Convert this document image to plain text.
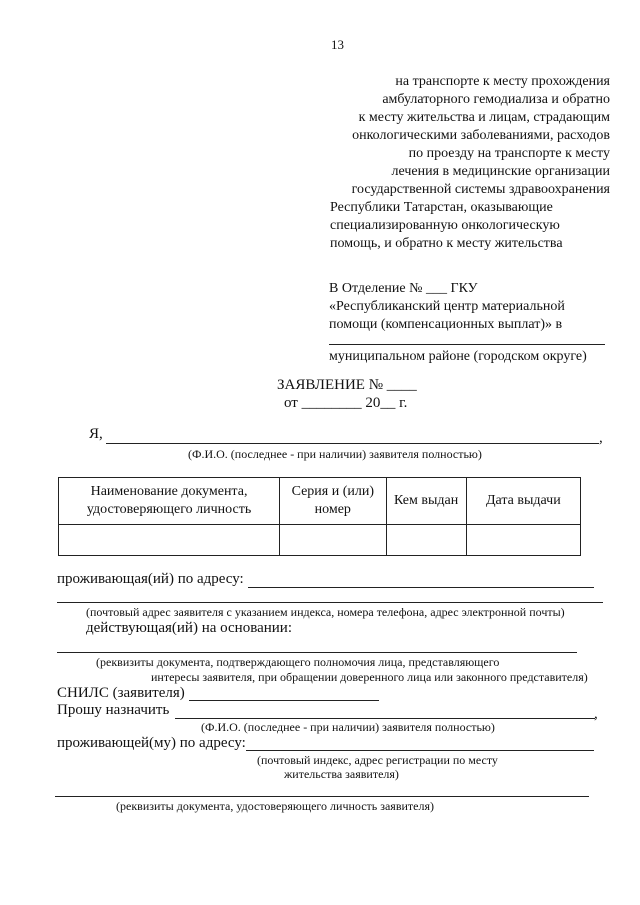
13
на транспорте к месту прохождения
амбулаторного гемодиализа и обратно
к месту жительства и лицам, страдающим
онкологическими заболеваниями, расходов
по проезду на транспорте к месту
лечения в медицинские организации
государственной системы здравоохранения
Республики Татарстан, оказывающие
специализированную онкологическую
помощь, и обратно к месту жительства
В Отделение № ___ ГКУ
«Республиканский центр материальной
помощи (компенсационных выплат)» в
муниципальном районе (городском округе)
ЗАЯВЛЕНИЕ № ____
от ________ 20__ г.
Я,	,
(Ф.И.О. (последнее - при наличии) заявителя полностью)
Наименование документа, удостоверяющего личность	Серия и (или) номер	Кем выдан	Дата выдачи

проживающая(ий) по адресу:
(почтовый адрес заявителя с указанием индекса, номера телефона, адрес электронной почты)
действующая(ий) на основании:
(реквизиты документа, подтверждающего полномочия лица, представляющего
интересы заявителя, при обращении доверенного лица или законного представителя)
СНИЛС (заявителя)
Прошу назначить	,
(Ф.И.О. (последнее - при наличии) заявителя полностью)
проживающей(му) по адресу:
(почтовый индекс, адрес регистрации по месту
жительства заявителя)
(реквизиты документа, удостоверяющего личность заявителя)
